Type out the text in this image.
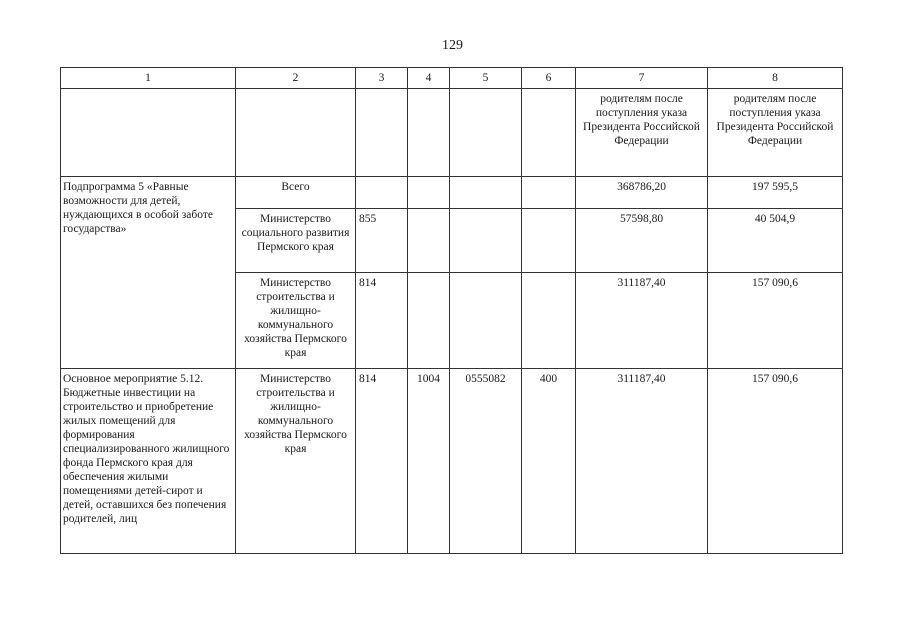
129
1	2	3	4	5	6	7	8
						родителям после поступления указа Президента Российской Федерации	родителям после поступления указа Президента Российской Федерации
Подпрограмма 5 «Равные возможности для детей, нуждающихся в особой заботе государства»	Всего					368786,20	197 595,5
	Министерство социального развития Пермского края	855				57598,80	40 504,9
	Министерство строительства и жилищно-коммунального хозяйства Пермского края	814				311187,40	157 090,6
Основное мероприятие 5.12. Бюджетные инвестиции на строительство и приобретение жилых помещений для формирования специализированного жилищного фонда Пермского края для обеспечения жилыми помещениями детей-сирот и детей, оставшихся без попечения родителей, лиц	Министерство строительства и жилищно-коммунального хозяйства Пермского края	814	1004	0555082	400	311187,40	157 090,6
